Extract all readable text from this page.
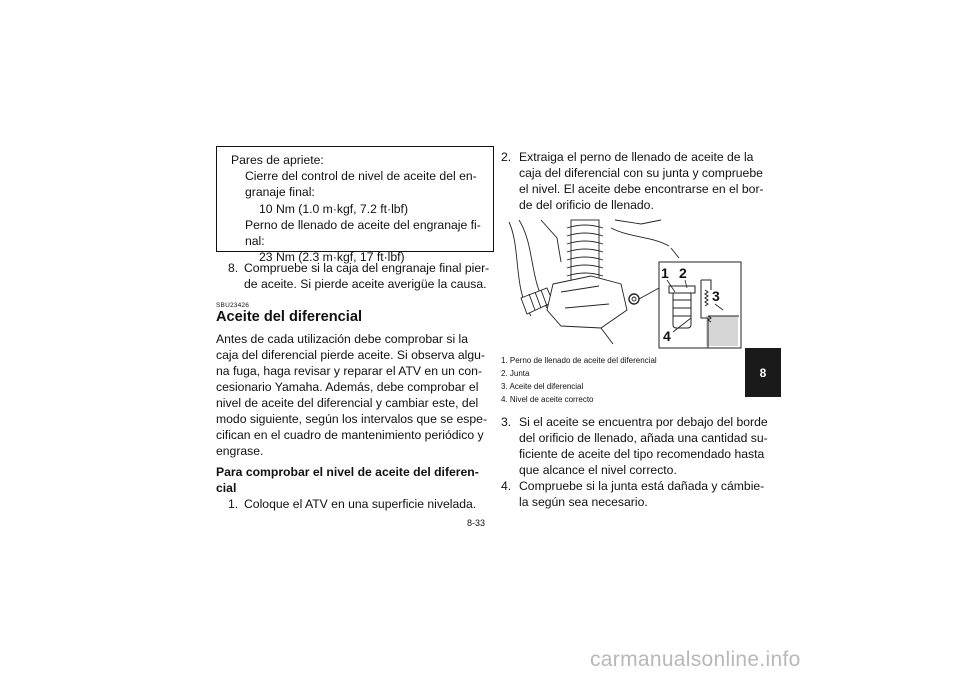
Pares de apriete:
Cierre del control de nivel de aceite del en-
granaje final:
10 Nm (1.0 m·kgf, 7.2 ft·lbf)
Perno de llenado de aceite del engranaje fi-
nal:
23 Nm (2.3 m·kgf, 17 ft·lbf)
8. Compruebe si la caja del engranaje final pier-
de aceite. Si pierde aceite averigüe la causa.
SBU23426
Aceite del diferencial
Antes de cada utilización debe comprobar si la
caja del diferencial pierde aceite. Si observa algu-
na fuga, haga revisar y reparar el ATV en un con-
cesionario Yamaha. Además, debe comprobar el
nivel de aceite del diferencial y cambiar este, del
modo siguiente, según los intervalos que se espe-
cifican en el cuadro de mantenimiento periódico y
engrase.
Para comprobar el nivel de aceite del diferen-
cial
1. Coloque el ATV en una superficie nivelada.
2. Extraiga el perno de llenado de aceite de la
caja del diferencial con su junta y compruebe
el nivel. El aceite debe encontrarse en el bor-
de del orificio de llenado.
1 2
3
4
1. Perno de llenado de aceite del diferencial
2. Junta
3. Aceite del diferencial
4. Nivel de aceite correcto
3. Si el aceite se encuentra por debajo del borde
del orificio de llenado, añada una cantidad su-
ficiente de aceite del tipo recomendado hasta
que alcance el nivel correcto.
4. Compruebe si la junta está dañada y cámbie-
la según sea necesario.
8
8-33
carmanualsonline.info
